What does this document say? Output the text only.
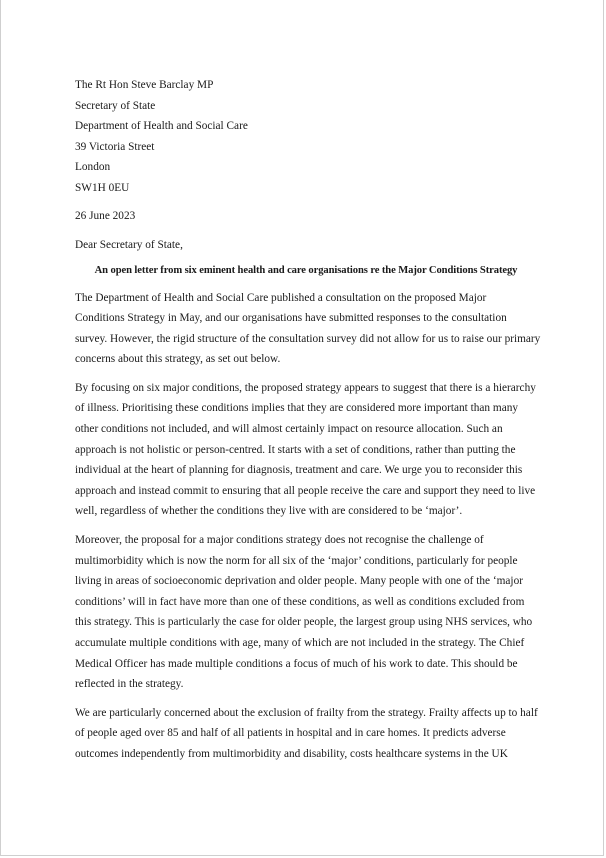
The Rt Hon Steve Barclay MP
Secretary of State
Department of Health and Social Care
39 Victoria Street
London
SW1H 0EU
26 June 2023
Dear Secretary of State,
An open letter from six eminent health and care organisations re the Major Conditions Strategy

The Department of Health and Social Care published a consultation on the proposed Major

Conditions Strategy in May, and our organisations have submitted responses to the consultation

survey. However, the rigid structure of the consultation survey did not allow for us to raise our primary

concerns about this strategy, as set out below.

By focusing on six major conditions, the proposed strategy appears to suggest that there is a hierarchy

of illness. Prioritising these conditions implies that they are considered more important than many

other conditions not included, and will almost certainly impact on resource allocation. Such an

approach is not holistic or person-centred. It starts with a set of conditions, rather than putting the

individual at the heart of planning for diagnosis, treatment and care. We urge you to reconsider this

approach and instead commit to ensuring that all people receive the care and support they need to live

well, regardless of whether the conditions they live with are considered to be ‘major’.

Moreover, the proposal for a major conditions strategy does not recognise the challenge of

multimorbidity which is now the norm for all six of the ‘major’ conditions, particularly for people

living in areas of socioeconomic deprivation and older people. Many people with one of the ‘major

conditions’ will in fact have more than one of these conditions, as well as conditions excluded from

this strategy. This is particularly the case for older people, the largest group using NHS services, who

accumulate multiple conditions with age, many of which are not included in the strategy. The Chief

Medical Officer has made multiple conditions a focus of much of his work to date. This should be

reflected in the strategy.

We are particularly concerned about the exclusion of frailty from the strategy. Frailty affects up to half

of people aged over 85 and half of all patients in hospital and in care homes. It predicts adverse

outcomes independently from multimorbidity and disability, costs healthcare systems in the UK
